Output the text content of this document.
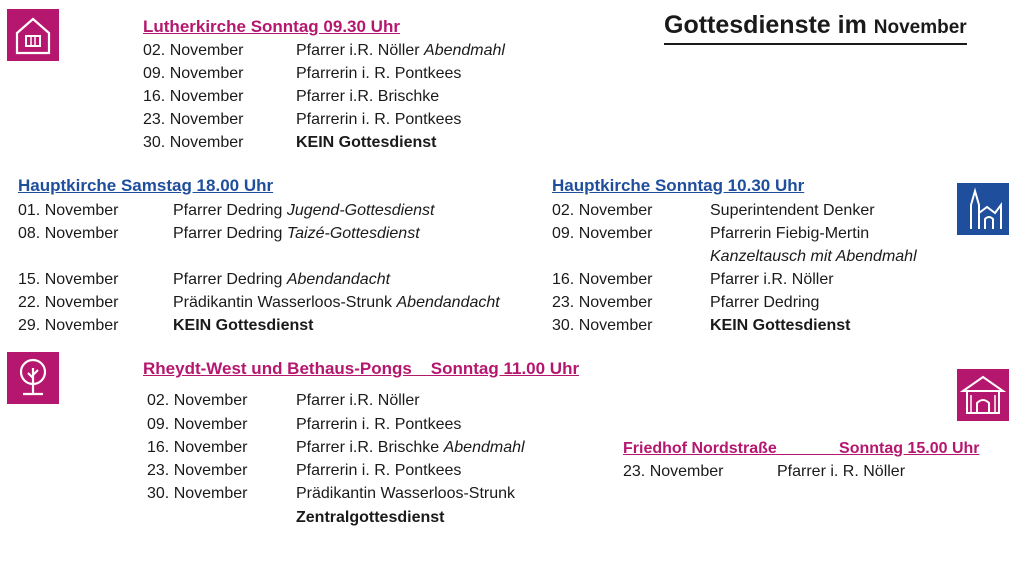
Gottesdienste im November
Lutherkirche Sonntag 09.30 Uhr
02. November	Pfarrer i.R. Nöller Abendmahl
09. November	Pfarrerin i. R. Pontkees
16. November	Pfarrer i.R. Brischke
23. November	Pfarrerin i. R. Pontkees
30. November	KEIN Gottesdienst
Hauptkirche Samstag 18.00 Uhr
01. November	Pfarrer Dedring Jugend-Gottesdienst
08. November	Pfarrer Dedring Taizé-Gottesdienst
15. November	Pfarrer Dedring Abendandacht
22. November	Prädikantin Wasserloos-Strunk Abendandacht
29. November	KEIN Gottesdienst
Hauptkirche Sonntag 10.30 Uhr
02. November	Superintendent Denker
09. November	Pfarrerin Fiebig-Mertin
Kanzeltausch mit Abendmahl
16. November	Pfarrer i.R. Nöller
23. November	Pfarrer Dedring
30. November	KEIN Gottesdienst
Rheydt-West und Bethaus-Pongs    Sonntag 11.00 Uhr
02. November	Pfarrer i.R. Nöller
09. November	Pfarrerin i. R. Pontkees
16. November	Pfarrer i.R. Brischke Abendmahl
23. November	Pfarrerin i. R. Pontkees
30. November	Prädikantin Wasserloos-Strunk
Zentralgottesdienst
Friedhof Nordstraße              Sonntag 15.00 Uhr
23. November	Pfarrer i. R. Nöller
